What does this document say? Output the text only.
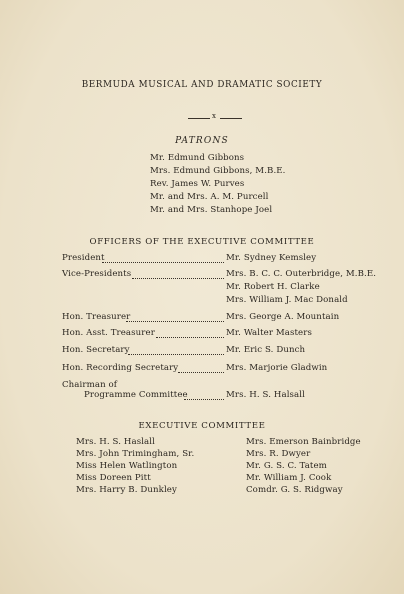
BERMUDA MUSICAL AND DRAMATIC SOCIETY
x
PATRONS
Mr. Edmund Gibbons
Mrs. Edmund Gibbons, M.B.E.
Rev. James W. Purves
Mr. and Mrs. A. M. Purcell
Mr. and Mrs. Stanhope Joel
OFFICERS OF THE EXECUTIVE COMMITTEE
President	Mr. Sydney Kemsley
Vice-Presidents	Mrs. B. C. C. Outerbridge, M.B.E.
Mr. Robert H. Clarke
Mrs. William J. Mac Donald
Hon. Treasurer	Mrs. George A. Mountain
Hon. Asst. Treasurer	Mr. Walter Masters
Hon. Secretary	Mr. Eric S. Dunch
Hon. Recording Secretary	Mrs. Marjorie Gladwin
Chairman of
Programme Committee	Mrs. H. S. Halsall
EXECUTIVE COMMITTEE
Mrs. H. S. Haslall
Mrs. John Trimingham, Sr.
Miss Helen Watlington
Miss Doreen Pitt
Mrs. Harry B. Dunkley
Mrs. Emerson Bainbridge
Mrs. R. Dwyer
Mr. G. S. C. Tatem
Mr. William J. Cook
Comdr. G. S. Ridgway
